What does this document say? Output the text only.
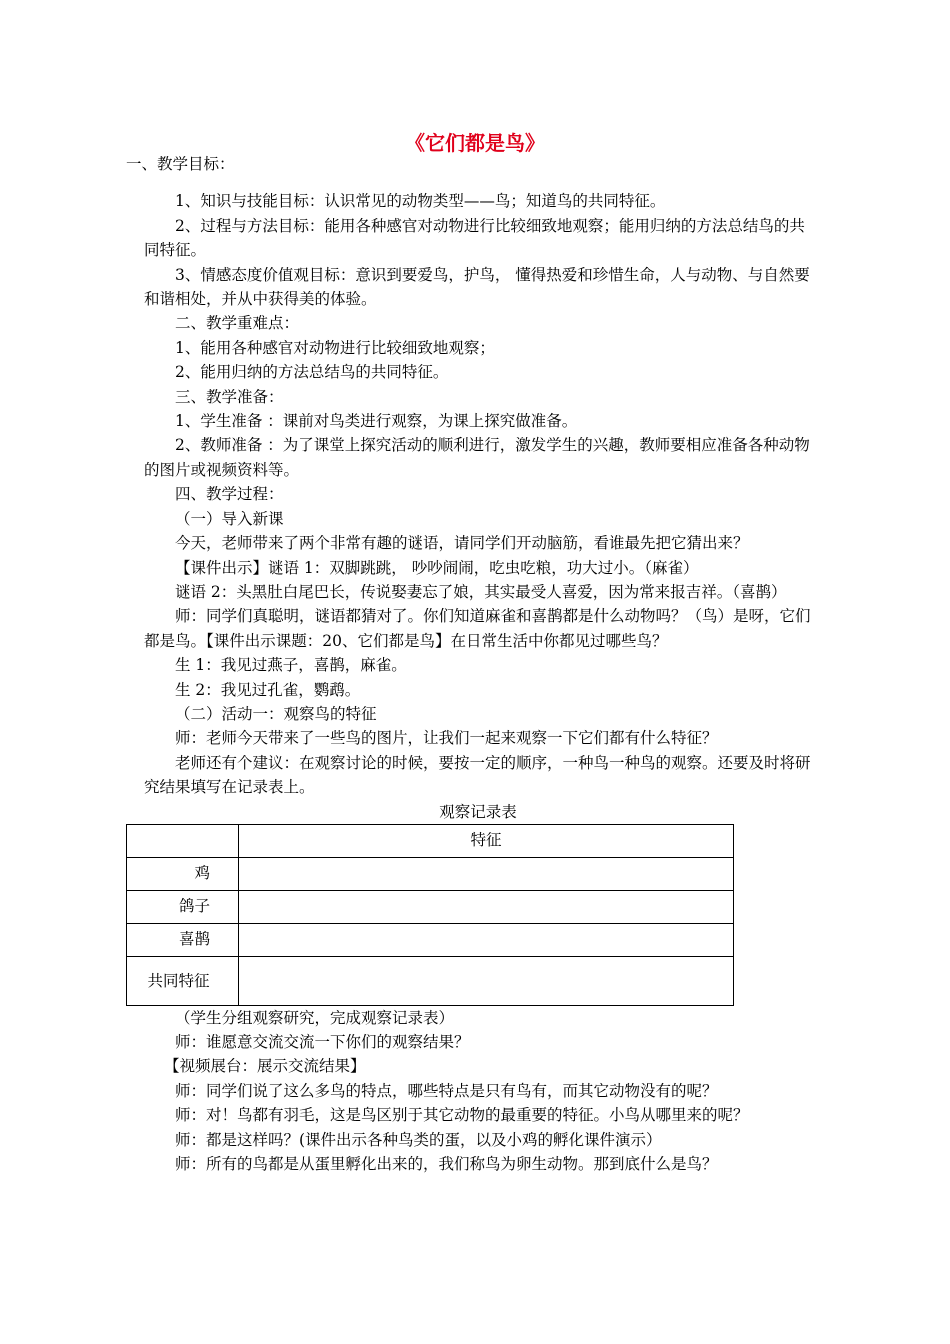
《它们都是鸟》

一、教学目标：

1、知识与技能目标：认识常见的动物类型——鸟；知道鸟的共同特征。

2、过程与方法目标：能用各种感官对动物进行比较细致地观察；能用归纳的方法总结鸟的共同特征。

3、情感态度价值观目标：意识到要爱鸟，护鸟， 懂得热爱和珍惜生命，人与动物、与自然要和谐相处，并从中获得美的体验。

二、教学重难点：

1、能用各种感官对动物进行比较细致地观察；

2、能用归纳的方法总结鸟的共同特征。

三、教学准备：

1、学生准备 ：课前对鸟类进行观察，为课上探究做准备。

2、教师准备 ：为了课堂上探究活动的顺利进行，激发学生的兴趣，教师要相应准备各种动物的图片或视频资料等。

四、教学过程：

（一）导入新课

今天，老师带来了两个非常有趣的谜语，请同学们开动脑筋，看谁最先把它猜出来？

【课件出示】谜语 1：双脚跳跳， 吵吵闹闹，吃虫吃粮，功大过小。（麻雀）

谜语 2：头黑肚白尾巴长，传说娶妻忘了娘，其实最受人喜爱，因为常来报吉祥。（喜鹊）

师：同学们真聪明，谜语都猜对了。你们知道麻雀和喜鹊都是什么动物吗？（鸟）是呀，它们都是鸟。【课件出示课题：20、它们都是鸟】在日常生活中你都见过哪些鸟？

生 1：我见过燕子，喜鹊，麻雀。

生 2：我见过孔雀，鹦鹉。

（二）活动一：观察鸟的特征

师：老师今天带来了一些鸟的图片，让我们一起来观察一下它们都有什么特征？

老师还有个建议：在观察讨论的时候，要按一定的顺序，一种鸟一种鸟的观察。还要及时将研究结果填写在记录表上。

观察记录表
	特征
鸡	
鸽子	
喜鹊	
共同特征	

（学生分组观察研究，完成观察记录表）

师：谁愿意交流交流一下你们的观察结果？

【视频展台：展示交流结果】

师：同学们说了这么多鸟的特点，哪些特点是只有鸟有，而其它动物没有的呢？

师：对！鸟都有羽毛，这是鸟区别于其它动物的最重要的特征。小鸟从哪里来的呢？

师：都是这样吗？(课件出示各种鸟类的蛋，以及小鸡的孵化课件演示）

师：所有的鸟都是从蛋里孵化出来的，我们称鸟为卵生动物。那到底什么是鸟？
